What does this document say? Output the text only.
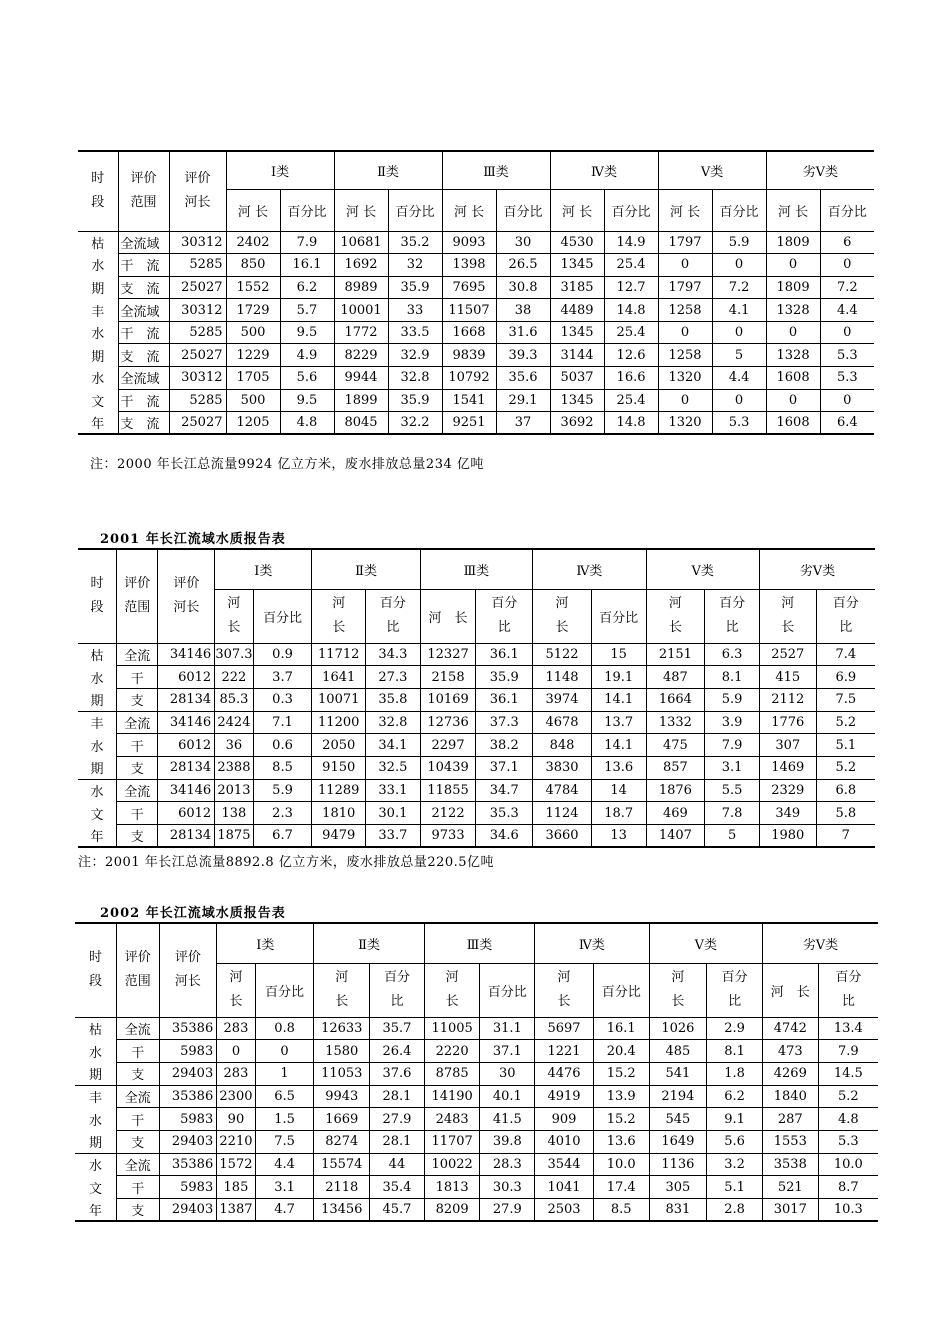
时段	评价范围	评价河长	Ⅰ类		Ⅱ类		Ⅲ类		Ⅳ类		Ⅴ类		劣Ⅴ类	
			河 长	百分比	河 长	百分比	河 长	百分比	河 长	百分比	河 长	百分比	河 长	百分比
枯	全流域	30312	2402	7.9	10681	35.2	9093	30	4530	14.9	1797	5.9	1809	6
水	干　流	5285	850	16.1	1692	32	1398	26.5	1345	25.4	0	0	0	0
期	支　流	25027	1552	6.2	8989	35.9	7695	30.8	3185	12.7	1797	7.2	1809	7.2
丰	全流域	30312	1729	5.7	10001	33	11507	38	4489	14.8	1258	4.1	1328	4.4
水	干　流	5285	500	9.5	1772	33.5	1668	31.6	1345	25.4	0	0	0	0
期	支　流	25027	1229	4.9	8229	32.9	9839	39.3	3144	12.6	1258	5	1328	5.3
水	全流域	30312	1705	5.6	9944	32.8	10792	35.6	5037	16.6	1320	4.4	1608	5.3
文	干　流	5285	500	9.5	1899	35.9	1541	29.1	1345	25.4	0	0	0	0
年	支　流	25027	1205	4.8	8045	32.2	9251	37	3692	14.8	1320	5.3	1608	6.4
注：2000 年长江总流量9924 亿立方米，废水排放总量234 亿吨
2001 年长江流域水质报告表
时段	评价范围	评价河长	Ⅰ类		Ⅱ类		Ⅲ类		Ⅳ类		Ⅴ类		劣Ⅴ类	
			河长	百分比	河长	百分比	河　长	百分比	河长	百分比	河长	百分比	河长	百分比
枯	全流	34146	307.3	0.9	11712	34.3	12327	36.1	5122	15	2151	6.3	2527	7.4
水	干	6012	222	3.7	1641	27.3	2158	35.9	1148	19.1	487	8.1	415	6.9
期	支	28134	85.3	0.3	10071	35.8	10169	36.1	3974	14.1	1664	5.9	2112	7.5
丰	全流	34146	2424	7.1	11200	32.8	12736	37.3	4678	13.7	1332	3.9	1776	5.2
水	干	6012	36	0.6	2050	34.1	2297	38.2	848	14.1	475	7.9	307	5.1
期	支	28134	2388	8.5	9150	32.5	10439	37.1	3830	13.6	857	3.1	1469	5.2
水	全流	34146	2013	5.9	11289	33.1	11855	34.7	4784	14	1876	5.5	2329	6.8
文	干	6012	138	2.3	1810	30.1	2122	35.3	1124	18.7	469	7.8	349	5.8
年	支	28134	1875	6.7	9479	33.7	9733	34.6	3660	13	1407	5	1980	7
注：2001 年长江总流量8892.8 亿立方米，废水排放总量220.5亿吨
2002 年长江流域水质报告表
时段	评价范围	评价河长	Ⅰ类		Ⅱ类		Ⅲ类		Ⅳ类		Ⅴ类		劣Ⅴ类	
			河长	百分比	河长	百分比	河长	百分比	河长	百分比	河长	百分比	河　长	百分比
枯	全流	35386	283	0.8	12633	35.7	11005	31.1	5697	16.1	1026	2.9	4742	13.4
水	干	5983	0	0	1580	26.4	2220	37.1	1221	20.4	485	8.1	473	7.9
期	支	29403	283	1	11053	37.6	8785	30	4476	15.2	541	1.8	4269	14.5
丰	全流	35386	2300	6.5	9943	28.1	14190	40.1	4919	13.9	2194	6.2	1840	5.2
水	干	5983	90	1.5	1669	27.9	2483	41.5	909	15.2	545	9.1	287	4.8
期	支	29403	2210	7.5	8274	28.1	11707	39.8	4010	13.6	1649	5.6	1553	5.3
水	全流	35386	1572	4.4	15574	44	10022	28.3	3544	10.0	1136	3.2	3538	10.0
文	干	5983	185	3.1	2118	35.4	1813	30.3	1041	17.4	305	5.1	521	8.7
年	支	29403	1387	4.7	13456	45.7	8209	27.9	2503	8.5	831	2.8	3017	10.3
